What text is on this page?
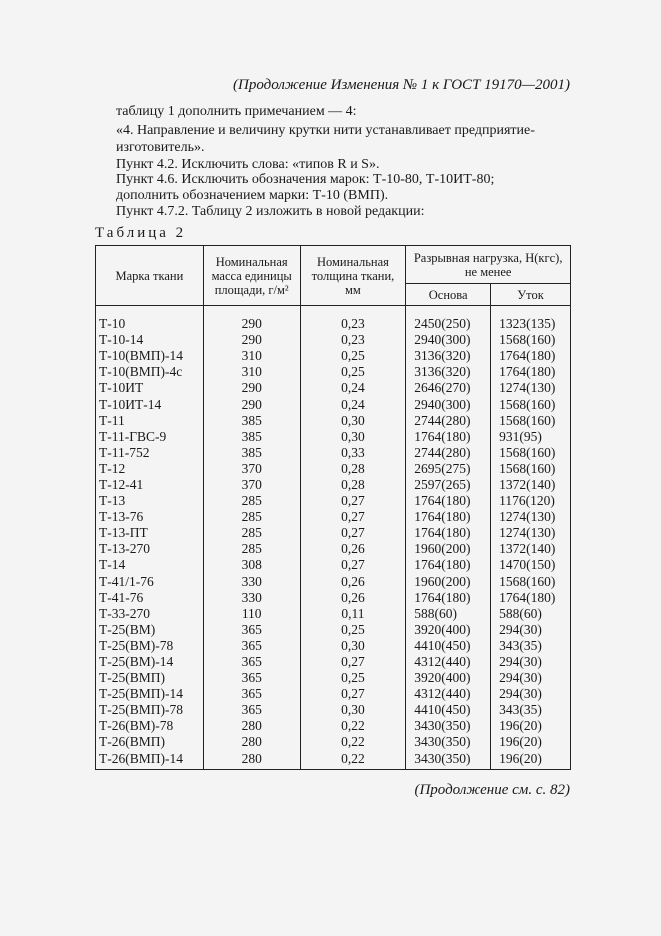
(Продолжение Изменения № 1 к ГОСТ 19170—2001)
таблицу 1 дополнить примечанием — 4:
«4. Направление и величину крутки нити устанавливает предприятие-
изготовитель».
Пункт 4.2. Исключить слова: «типов R и S».
Пункт 4.6. Исключить обозначения марок: Т-10-80, Т-10ИТ-80;
дополнить обозначением марки: Т-10 (ВМП).
Пункт 4.7.2. Таблицу 2 изложить в новой редакции:
Таблица 2
Марка ткани	Номинальная масса единицы площади, г/м²	Номинальная толщина ткани, мм	Разрывная нагрузка, Н(кгс), не менее	
			Основа	Уток
Т-10	290	0,23	2450(250)	1323(135)
Т-10-14	290	0,23	2940(300)	1568(160)
Т-10(ВМП)-14	310	0,25	3136(320)	1764(180)
Т-10(ВМП)-4с	310	0,25	3136(320)	1764(180)
Т-10ИТ	290	0,24	2646(270)	1274(130)
Т-10ИТ-14	290	0,24	2940(300)	1568(160)
Т-11	385	0,30	2744(280)	1568(160)
Т-11-ГВС-9	385	0,30	1764(180)	931(95)
Т-11-752	385	0,33	2744(280)	1568(160)
Т-12	370	0,28	2695(275)	1568(160)
Т-12-41	370	0,28	2597(265)	1372(140)
Т-13	285	0,27	1764(180)	1176(120)
Т-13-76	285	0,27	1764(180)	1274(130)
Т-13-ПТ	285	0,27	1764(180)	1274(130)
Т-13-270	285	0,26	1960(200)	1372(140)
Т-14	308	0,27	1764(180)	1470(150)
Т-41/1-76	330	0,26	1960(200)	1568(160)
Т-41-76	330	0,26	1764(180)	1764(180)
Т-33-270	110	0,11	588(60)	588(60)
Т-25(ВМ)	365	0,25	3920(400)	294(30)
Т-25(ВМ)-78	365	0,30	4410(450)	343(35)
Т-25(ВМ)-14	365	0,27	4312(440)	294(30)
Т-25(ВМП)	365	0,25	3920(400)	294(30)
Т-25(ВМП)-14	365	0,27	4312(440)	294(30)
Т-25(ВМП)-78	365	0,30	4410(450)	343(35)
Т-26(ВМ)-78	280	0,22	3430(350)	196(20)
Т-26(ВМП)	280	0,22	3430(350)	196(20)
Т-26(ВМП)-14	280	0,22	3430(350)	196(20)
(Продолжение см. с. 82)
